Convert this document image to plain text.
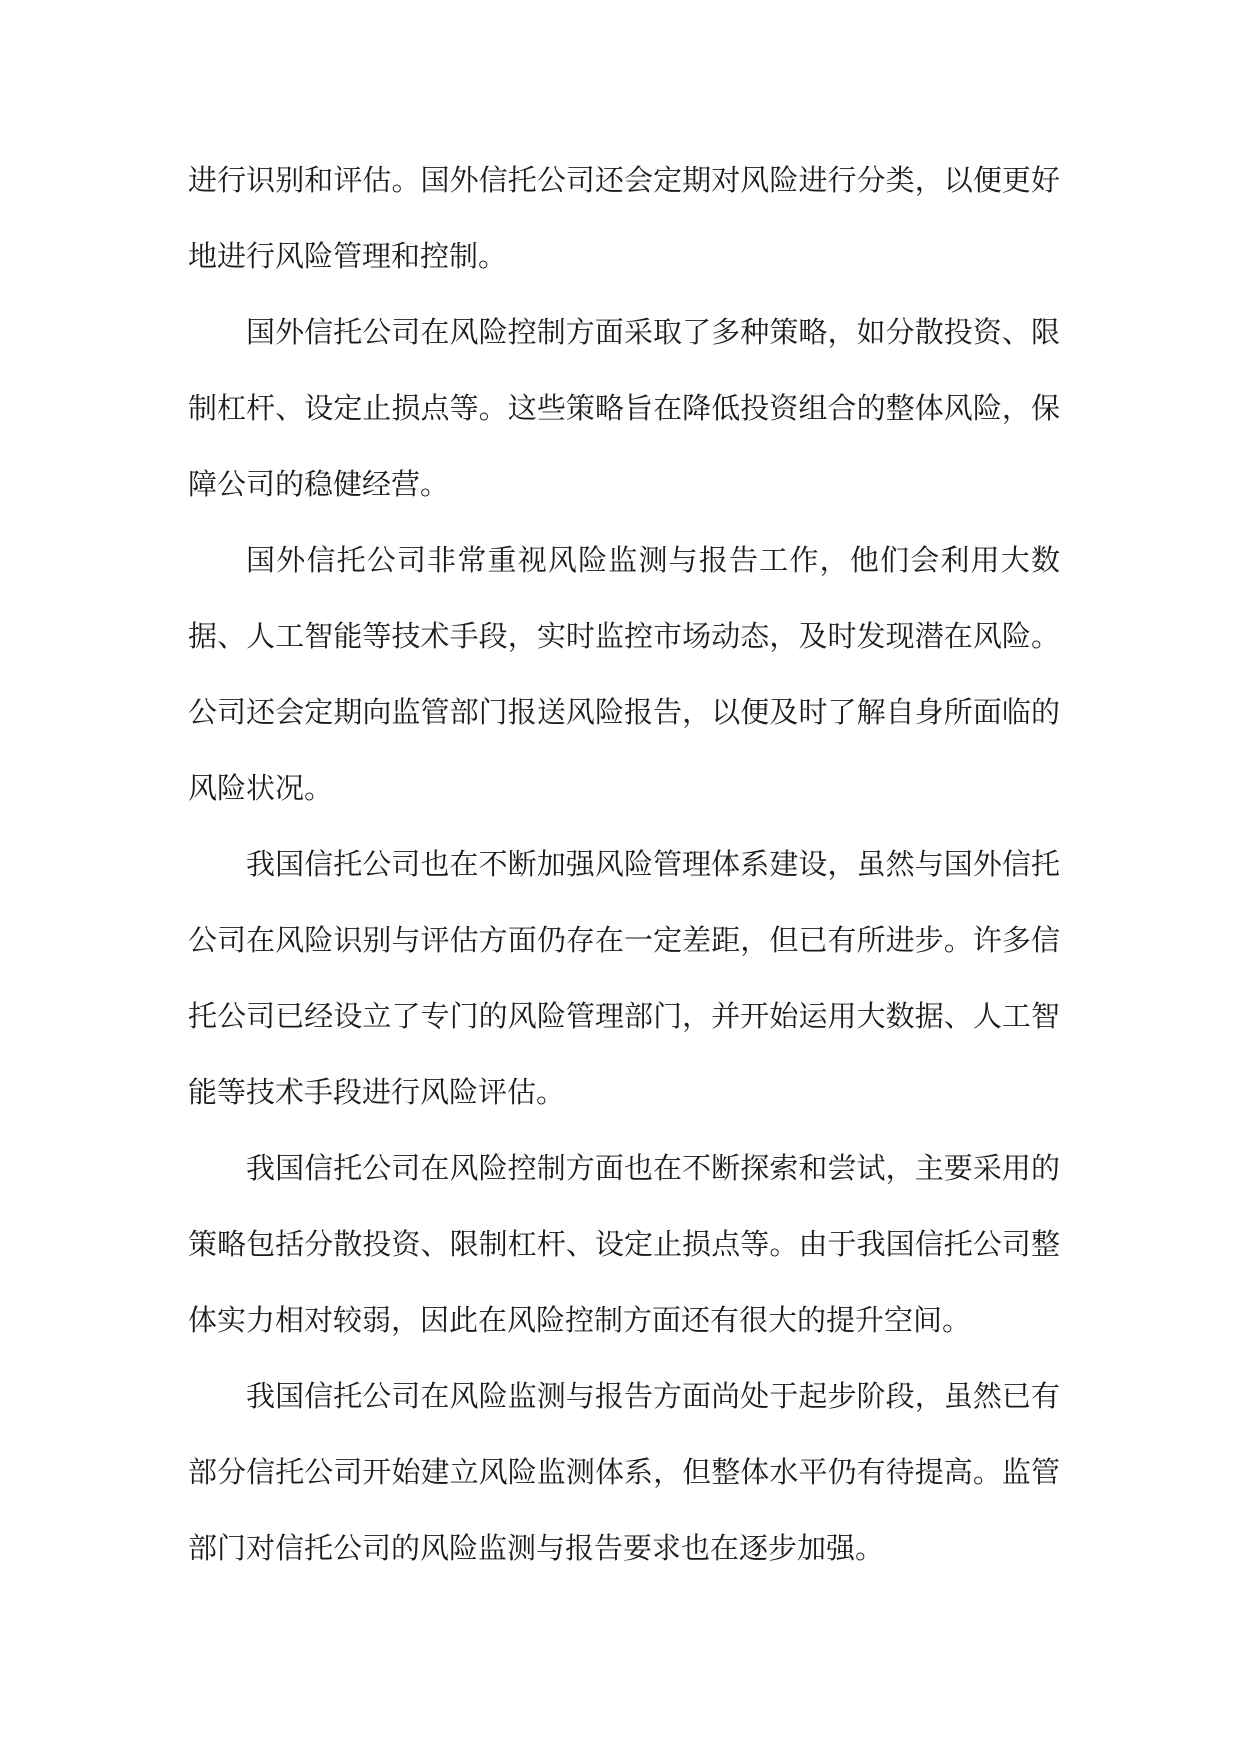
进行识别和评估。国外信托公司还会定期对风险进行分类，以便更好地进行风险管理和控制。

国外信托公司在风险控制方面采取了多种策略，如分散投资、限制杠杆、设定止损点等。这些策略旨在降低投资组合的整体风险，保障公司的稳健经营。

国外信托公司非常重视风险监测与报告工作，他们会利用大数据、人工智能等技术手段，实时监控市场动态，及时发现潜在风险。公司还会定期向监管部门报送风险报告，以便及时了解自身所面临的风险状况。

我国信托公司也在不断加强风险管理体系建设，虽然与国外信托公司在风险识别与评估方面仍存在一定差距，但已有所进步。许多信托公司已经设立了专门的风险管理部门，并开始运用大数据、人工智能等技术手段进行风险评估。

我国信托公司在风险控制方面也在不断探索和尝试，主要采用的策略包括分散投资、限制杠杆、设定止损点等。由于我国信托公司整体实力相对较弱，因此在风险控制方面还有很大的提升空间。

我国信托公司在风险监测与报告方面尚处于起步阶段，虽然已有部分信托公司开始建立风险监测体系，但整体水平仍有待提高。监管部门对信托公司的风险监测与报告要求也在逐步加强。
